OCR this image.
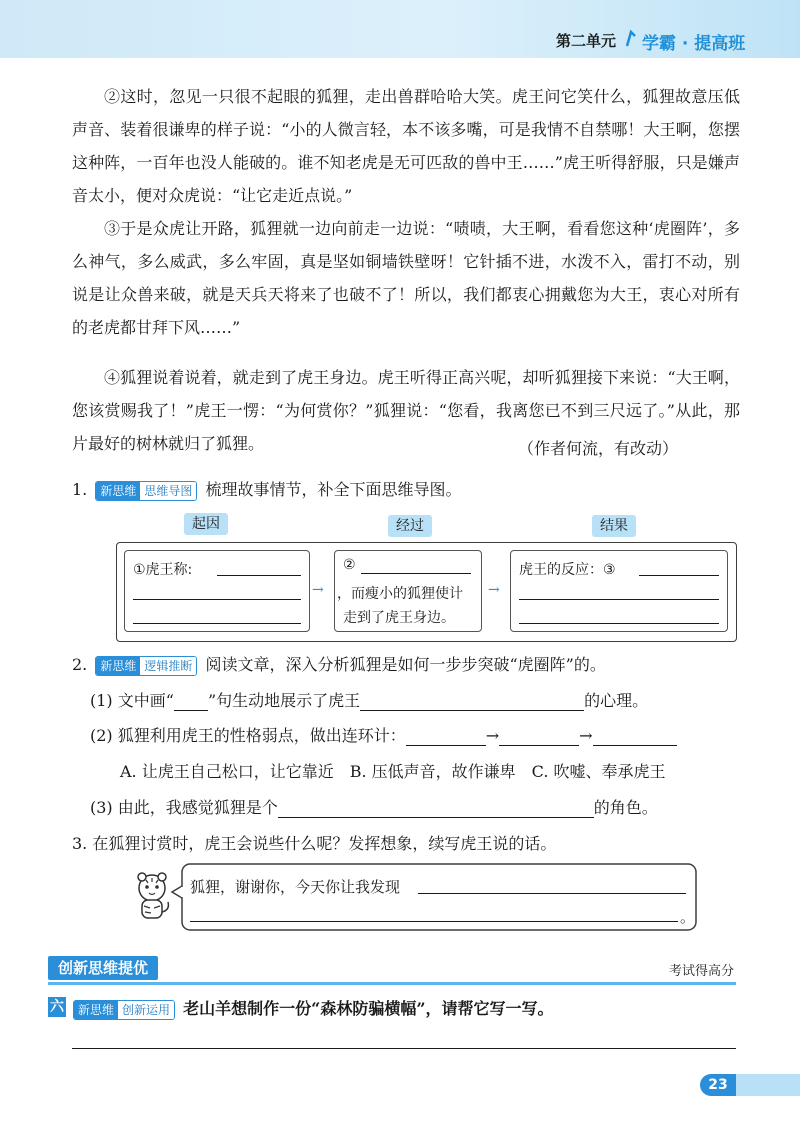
第二单元 学霸 · 提高班

②这时，忽见一只很不起眼的狐狸，走出兽群哈哈大笑。虎王问它笑什么，狐狸故意压低声音、装着很谦卑的样子说：“小的人微言轻，本不该多嘴，可是我情不自禁哪！大王啊，您摆这种阵，一百年也没人能破的。谁不知老虎是无可匹敌的兽中王……”虎王听得舒服，只是嫌声音太小，便对众虎说：“让它走近点说。”

③于是众虎让开路，狐狸就一边向前走一边说：“啧啧，大王啊，看看您这种‘虎圈阵’，多么神气，多么威武，多么牢固，真是坚如铜墙铁壁呀！它针插不进，水泼不入，雷打不动，别说是让众兽来破，就是天兵天将来了也破不了！所以，我们都衷心拥戴您为大王，衷心对所有的老虎都甘拜下风……”

④狐狸说着说着，就走到了虎王身边。虎王听得正高兴呢，却听狐狸接下来说：“大王啊，您该赏赐我了！”虎王一愣：“为何赏你？”狐狸说：“您看，我离您已不到三尺远了。”从此，那片最好的树林就归了狐狸。	（作者何流，有改动）
1.	新思维 思维导图 梳理故事情节，补全下面思维导图。
起因	经过	结果
①虎王称:
→
②
，而瘦小的狐狸使计
走到了虎王身边。
→
虎王的反应：③
2.	新思维 逻辑推断 阅读文章，深入分析狐狸是如何一步步突破“虎圈阵”的。
(1) 文中画“ ”句生动地展示了虎王	的心理。
(2) 狐狸利用虎王的性格弱点，做出连环计：	→	→
A. 让虎王自己松口，让它靠近　B. 压低声音，故作谦卑　C. 吹嘘、奉承虎王
(3) 由此，我感觉狐狸是个	的角色。
3. 在狐狸讨赏时，虎王会说些什么呢？发挥想象，续写虎王说的话。
狐狸，谢谢你，今天你让我发现
。
创新思维提优	考试得高分
六	新思维 创新运用 老山羊想制作一份“森林防骗横幅”，请帮它写一写。
23
